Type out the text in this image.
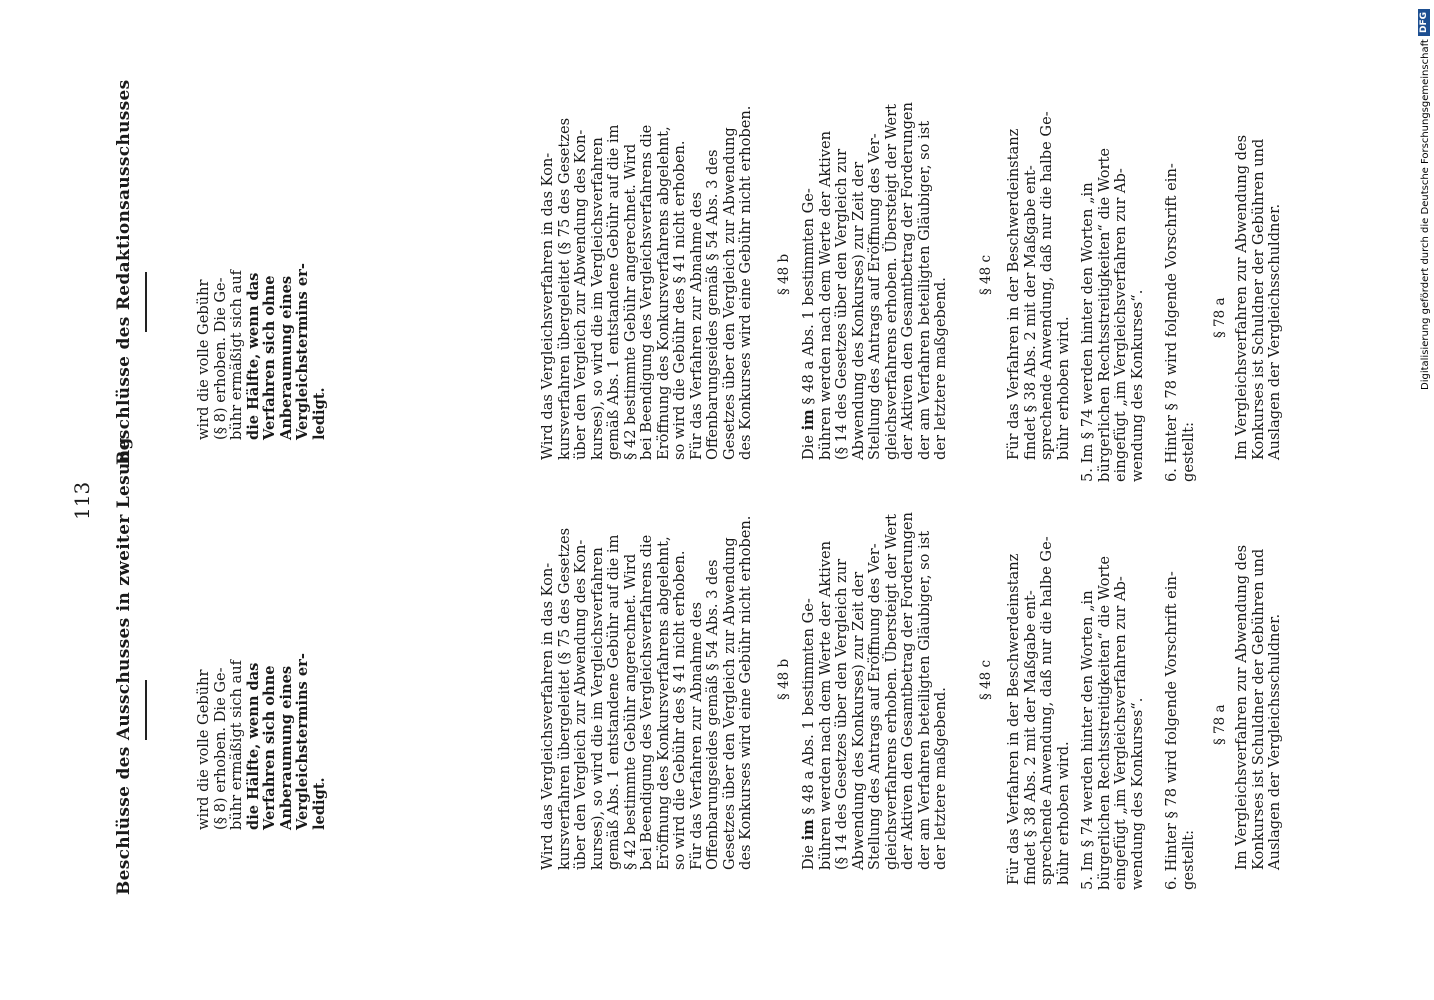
113 Beschlüsse des Ausschusses in zweiter Lesung
Beschlüsse des Redaktionsausschusses
wird die volle Gebühr (§ 8) erhoben. Die Ge- bühr ermäßigt sich auf die Hälfte, wenn das Verfahren sich ohne Anberaumung eines Vergleichstermins er- ledigt.	Wird das Vergleichsverfahren in das Kon- kursverfahren übergeleitet (§ 75 des Gesetzes über den Vergleich zur Abwendung des Kon- kurses), so wird die im Vergleichsverfahren gemäß Abs. 1 entstandene Gebühr auf die im § 42 bestimmte Gebühr angerechnet. Wird bei Beendigung des Vergleichsverfahrens die Eröffnung des Konkursverfahrens abgelehnt, so wird die Gebühr des § 41 nicht erhoben. Für das Verfahren zur Abnahme des Offenbarungseides gemäß § 54 Abs. 3 des Gesetzes über den Vergleich zur Abwendung des Konkurses wird eine Gebühr nicht erhoben. § 48 b
Die im § 48 a Abs. 1 bestimmten Ge- bühren werden nach dem Werte der Aktiven (§ 14 des Gesetzes über den Vergleich zur Abwendung des Konkurses) zur Zeit der Stellung des Antrags auf Eröffnung des Ver- gleichsverfahrens erhoben. Übersteigt der Wert der Aktiven den Gesamtbetrag der Forderungen der am Verfahren beteiligten Gläubiger, so ist der letztere maßgebend.
§ 48 c Für das Verfahren in der Beschwerdeinstanz findet § 38 Abs. 2 mit der Maßgabe ent- sprechende Anwendung, daß nur die halbe Ge- bühr erhoben wird. 5. Im § 74 werden hinter den Worten „in bürgerlichen Rechtsstreitigkeiten“ die Worte eingefügt „im Vergleichsverfahren zur Ab- wendung des Konkurses“. 6. Hinter § 78 wird folgende Vorschrift ein- gestellt:
§ 78 a Im Vergleichsverfahren zur Abwendung des Konkurses ist Schuldner der Gebühren und Auslagen der Vergleichsschuldner.
wird die volle Gebühr (§ 8) erhoben. Die Ge- bühr ermäßigt sich auf die Hälfte, wenn das Verfahren sich ohne Anberaumung eines Vergleichstermins er- ledigt.	Wird das Vergleichsverfahren in das Kon- kursverfahren übergeleitet (§ 75 des Gesetzes über den Vergleich zur Abwendung des Kon- kurses), so wird die im Vergleichsverfahren gemäß Abs. 1 entstandene Gebühr auf die im § 42 bestimmte Gebühr angerechnet. Wird bei Beendigung des Vergleichsverfahrens die Eröffnung des Konkursverfahrens abgelehnt, so wird die Gebühr des § 41 nicht erhoben. Für das Verfahren zur Abnahme des Offenbarungseides gemäß § 54 Abs. 3 des Gesetzes über den Vergleich zur Abwendung des Konkurses wird eine Gebühr nicht erhoben. § 48 b
Die im § 48 a Abs. 1 bestimmten Ge- bühren werden nach dem Werte der Aktiven (§ 14 des Gesetzes über den Vergleich zur Abwendung des Konkurses) zur Zeit der Stellung des Antrags auf Eröffnung des Ver- gleichsverfahrens erhoben. Übersteigt der Wert der Aktiven den Gesamtbetrag der Forderungen der am Verfahren beteiligten Gläubiger, so ist der letztere maßgebend.
§ 48 c Für das Verfahren in der Beschwerdeinstanz findet § 38 Abs. 2 mit der Maßgabe ent- sprechende Anwendung, daß nur die halbe Ge- bühr erhoben wird. 5. Im § 74 werden hinter den Worten „in bürgerlichen Rechtsstreitigkeiten“ die Worte eingefügt „im Vergleichsverfahren zur Ab- wendung des Konkurses“. 6. Hinter § 78 wird folgende Vorschrift ein- gestellt:
§ 78 a Im Vergleichsverfahren zur Abwendung des Konkurses ist Schuldner der Gebühren und Auslagen der Vergleichsschuldner.	Digitalisierung gefördert durch die Deutsche Forschungsgemeinschaft
DFG
